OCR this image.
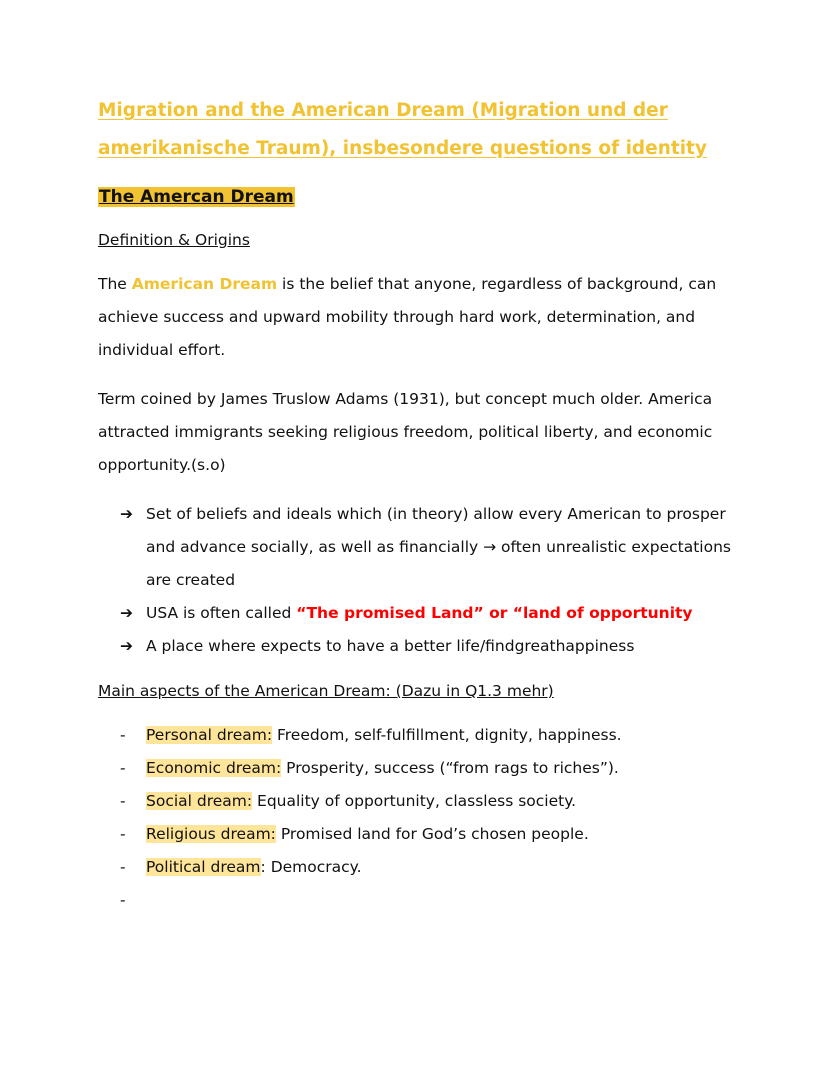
Migration and the American Dream (Migration und der amerikanische Traum), insbesondere questions of identity
The Amercan Dream

Definition & Origins

The American Dream is the belief that anyone, regardless of background, can achieve success and upward mobility through hard work, determination, and individual effort.

Term coined by James Truslow Adams (1931), but concept much older. America attracted immigrants seeking religious freedom, political liberty, and economic opportunity.(s.o)

➔ Set of beliefs and ideals which (in theory) allow every American to prosper and advance socially, as well as financially → often unrealistic expectations are created
➔ USA is often called “The promised Land” or “land of opportunity
➔ A place where expects to have a better life/findgreathappiness

Main aspects of the American Dream: (Dazu in Q1.3 mehr)

- Personal dream: Freedom, self-fulfillment, dignity, happiness.
- Economic dream: Prosperity, success (“from rags to riches”).
- Social dream: Equality of opportunity, classless society.
- Religious dream: Promised land for God’s chosen people.
- Political dream: Democracy.
-
